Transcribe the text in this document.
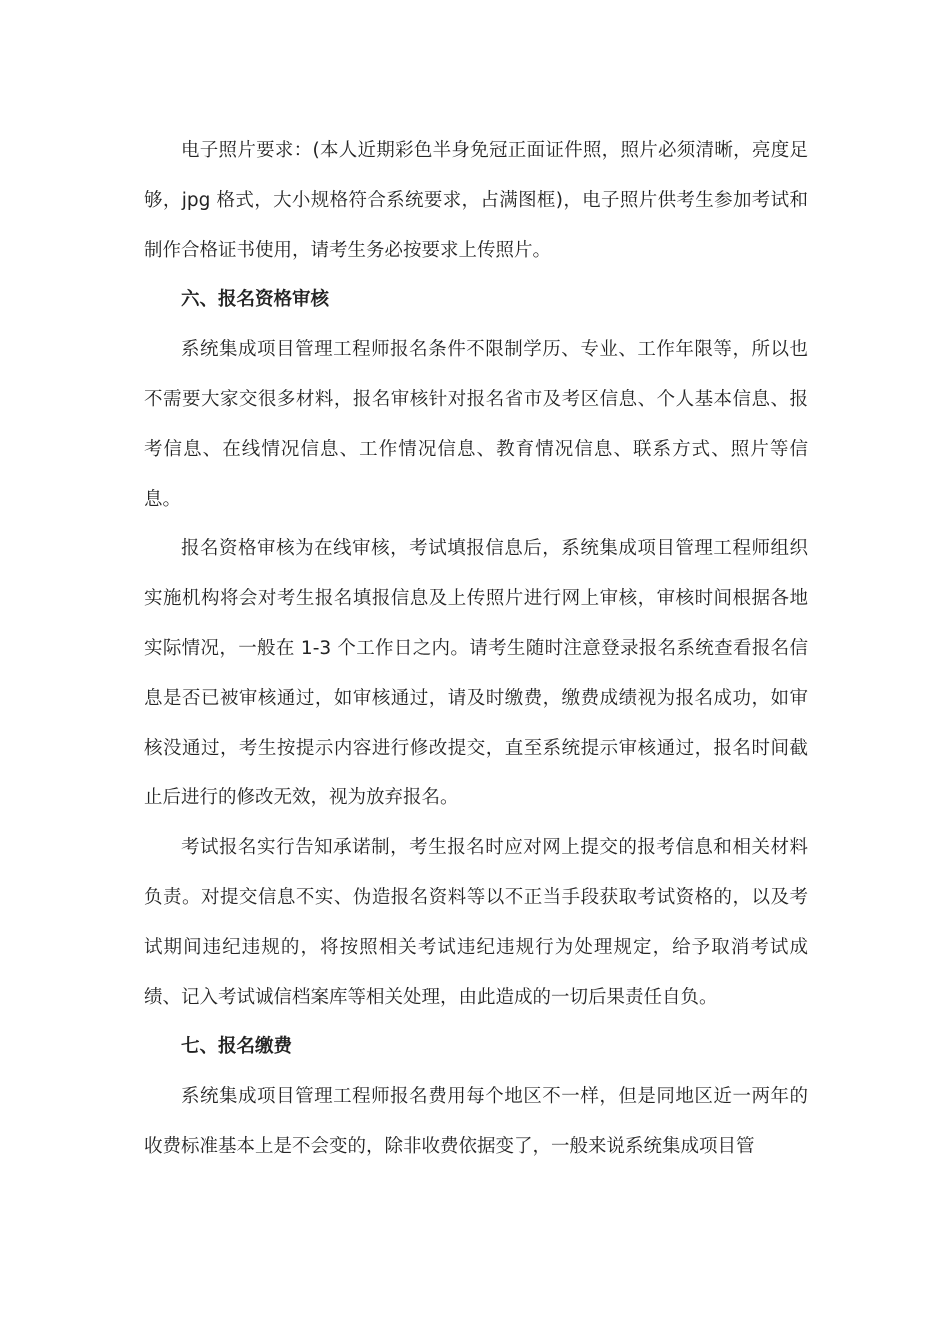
电子照片要求：(本人近期彩色半身免冠正面证件照，照片必须清晰，亮度足够，jpg 格式，大小规格符合系统要求，占满图框)，电子照片供考生参加考试和制作合格证书使用，请考生务必按要求上传照片。

六、报名资格审核

系统集成项目管理工程师报名条件不限制学历、专业、工作年限等，所以也不需要大家交很多材料，报名审核针对报名省市及考区信息、个人基本信息、报考信息、在线情况信息、工作情况信息、教育情况信息、联系方式、照片等信息。

报名资格审核为在线审核，考试填报信息后，系统集成项目管理工程师组织实施机构将会对考生报名填报信息及上传照片进行网上审核，审核时间根据各地实际情况，一般在 1-3 个工作日之内。请考生随时注意登录报名系统查看报名信息是否已被审核通过，如审核通过，请及时缴费，缴费成绩视为报名成功，如审核没通过，考生按提示内容进行修改提交，直至系统提示审核通过，报名时间截止后进行的修改无效，视为放弃报名。

考试报名实行告知承诺制，考生报名时应对网上提交的报考信息和相关材料负责。对提交信息不实、伪造报名资料等以不正当手段获取考试资格的，以及考试期间违纪违规的，将按照相关考试违纪违规行为处理规定，给予取消考试成绩、记入考试诚信档案库等相关处理，由此造成的一切后果责任自负。

七、报名缴费

系统集成项目管理工程师报名费用每个地区不一样，但是同地区近一两年的收费标准基本上是不会变的，除非收费依据变了，一般来说系统集成项目管
